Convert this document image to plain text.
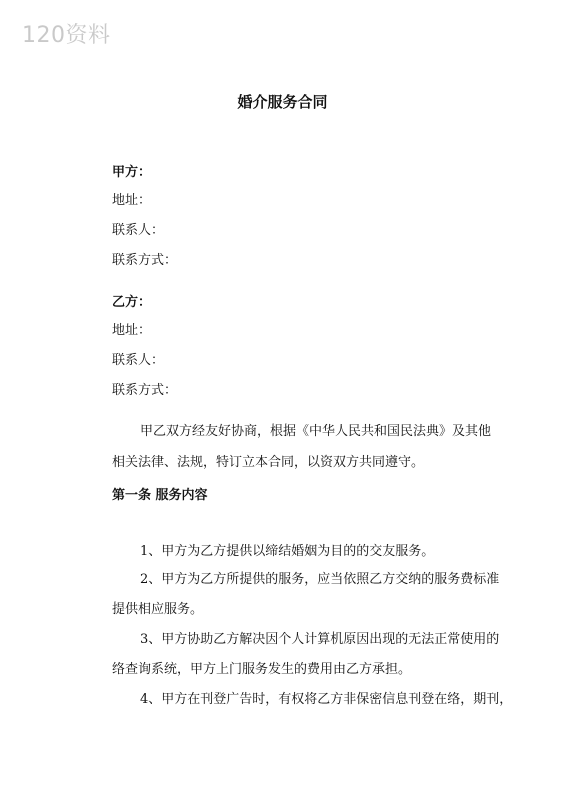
120资料
婚介服务合同
甲方：
地址：
联系人：
联系方式：
乙方：
地址：
联系人：
联系方式：
甲乙双方经友好协商，根据《中华人民共和国民法典》及其他
相关法律、法规，特订立本合同，以资双方共同遵守。
第一条 服务内容
1、甲方为乙方提供以缔结婚姻为目的的交友服务。
2、甲方为乙方所提供的服务，应当依照乙方交纳的服务费标准
提供相应服务。
3、甲方协助乙方解决因个人计算机原因出现的无法正常使用的
络查询系统，甲方上门服务发生的费用由乙方承担。
4、甲方在刊登广告时，有权将乙方非保密信息刊登在络，期刊，
